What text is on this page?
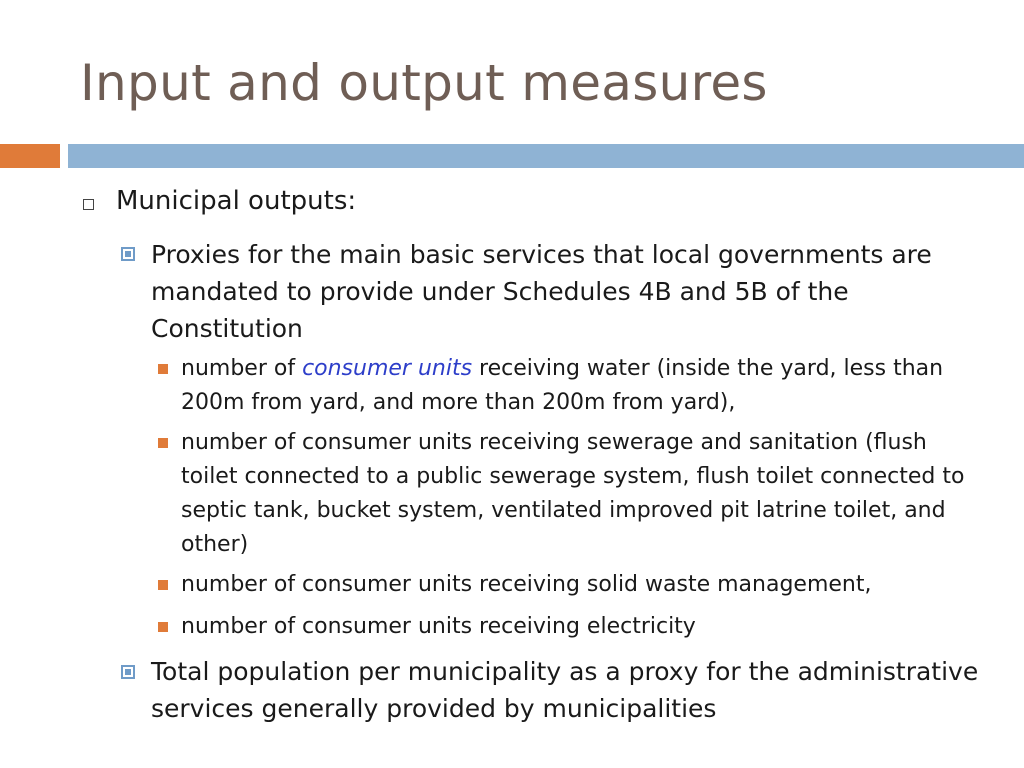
Input and output measures
Municipal outputs:
Proxies for the main basic services that local governments are mandated to provide under Schedules 4B and 5B of the Constitution
number of consumer units receiving water (inside the yard, less than 200m from yard, and more than 200m from yard),
number of consumer units receiving sewerage and sanitation (flush toilet connected to a public sewerage system, flush toilet connected to septic tank, bucket system, ventilated improved pit latrine toilet, and other)
number of consumer units receiving solid waste management,
number of consumer units receiving electricity
Total population per municipality as a proxy for the administrative services generally provided by municipalities
